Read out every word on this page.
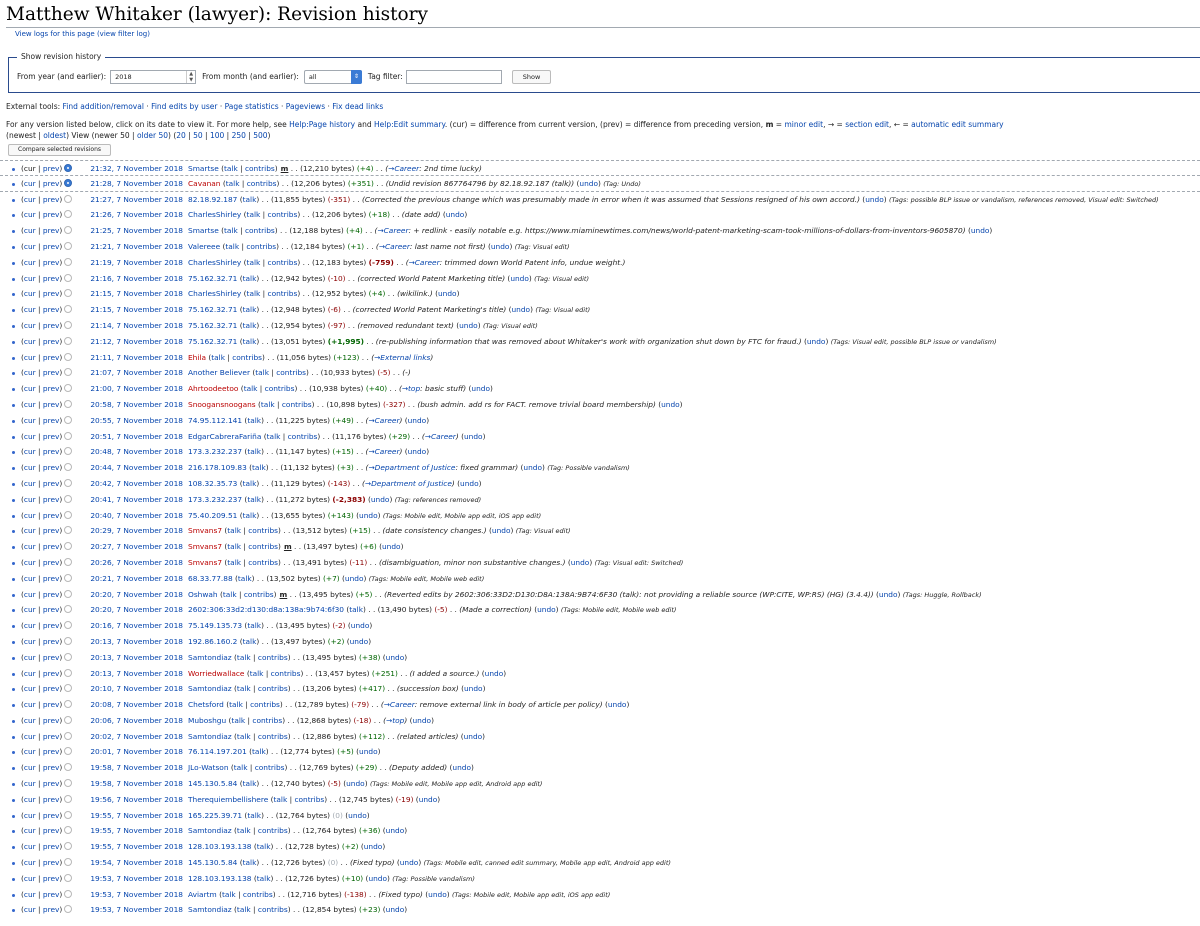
Matthew Whitaker (lawyer): Revision history
View logs for this page (view filter log)
Show revision history
From year (and earlier):	2018	▲
▼ From month (and earlier):	all	⇕	Tag filter:	Show
External tools: Find addition/removal · Find edits by user · Page statistics · Pageviews · Fix dead links
For any version listed below, click on its date to view it. For more help, see Help:Page history and Help:Edit summary. (cur) = difference from current version, (prev) = difference from preceding version, m = minor edit, → = section edit, ← = automatic edit summary
(newest | oldest) View (newer 50 | older 50) (20 | 50 | 100 | 250 | 500)
Compare selected revisions
(cur | prev)	21:32, 7 November 2018 Smartse (talk | contribs) m . . (12,210 bytes) (+4) . . (→Career: 2nd time lucky)
(cur | prev)	21:28, 7 November 2018 Cavanan (talk | contribs) . . (12,206 bytes) (+351) . . (Undid revision 867764796 by 82.18.92.187 (talk)) (undo) (Tag: Undo)
(cur | prev)	21:27, 7 November 2018 82.18.92.187 (talk) . . (11,855 bytes) (-351) . . (Corrected the previous change which was presumably made in error when it was assumed that Sessions resigned of his own accord.) (undo) (Tags: possible BLP issue or vandalism, references removed, Visual edit: Switched)
(cur | prev)	21:26, 7 November 2018 CharlesShirley (talk | contribs) . . (12,206 bytes) (+18) . . (date add) (undo)
(cur | prev)	21:25, 7 November 2018 Smartse (talk | contribs) . . (12,188 bytes) (+4) . . (→Career: + redlink - easily notable e.g. https://www.miaminewtimes.com/news/world-patent-marketing-scam-took-millions-of-dollars-from-inventors-9605870) (undo)
(cur | prev)	21:21, 7 November 2018 Valereee (talk | contribs) . . (12,184 bytes) (+1) . . (→Career: last name not first) (undo) (Tag: Visual edit)
(cur | prev)	21:19, 7 November 2018 CharlesShirley (talk | contribs) . . (12,183 bytes) (-759) . . (→Career: trimmed down World Patent info, undue weight.)
(cur | prev)	21:16, 7 November 2018 75.162.32.71 (talk) . . (12,942 bytes) (-10) . . (corrected World Patent Marketing title) (undo) (Tag: Visual edit)
(cur | prev)	21:15, 7 November 2018 CharlesShirley (talk | contribs) . . (12,952 bytes) (+4) . . (wikilink.) (undo)
(cur | prev)	21:15, 7 November 2018 75.162.32.71 (talk) . . (12,948 bytes) (-6) . . (corrected World Patent Marketing's title) (undo) (Tag: Visual edit)
(cur | prev)	21:14, 7 November 2018 75.162.32.71 (talk) . . (12,954 bytes) (-97) . . (removed redundant text) (undo) (Tag: Visual edit)
(cur | prev)	21:12, 7 November 2018 75.162.32.71 (talk) . . (13,051 bytes) (+1,995) . . (re-publishing information that was removed about Whitaker's work with organization shut down by FTC for fraud.) (undo) (Tags: Visual edit, possible BLP issue or vandalism)
(cur | prev)	21:11, 7 November 2018 Ehila (talk | contribs) . . (11,056 bytes) (+123) . . (→External links)
(cur | prev)	21:07, 7 November 2018 Another Believer (talk | contribs) . . (10,933 bytes) (-5) . . (-)
(cur | prev)	21:00, 7 November 2018 Ahrtoodeetoo (talk | contribs) . . (10,938 bytes) (+40) . . (→top: basic stuff) (undo)
(cur | prev)	20:58, 7 November 2018 Snoogansnoogans (talk | contribs) . . (10,898 bytes) (-327) . . (bush admin. add rs for FACT. remove trivial board membership) (undo)
(cur | prev)	20:55, 7 November 2018 74.95.112.141 (talk) . . (11,225 bytes) (+49) . . (→Career) (undo)
(cur | prev)	20:51, 7 November 2018 EdgarCabreraFariña (talk | contribs) . . (11,176 bytes) (+29) . . (→Career) (undo)
(cur | prev)	20:48, 7 November 2018 173.3.232.237 (talk) . . (11,147 bytes) (+15) . . (→Career) (undo)
(cur | prev)	20:44, 7 November 2018 216.178.109.83 (talk) . . (11,132 bytes) (+3) . . (→Department of Justice: fixed grammar) (undo) (Tag: Possible vandalism)
(cur | prev)	20:42, 7 November 2018 108.32.35.73 (talk) . . (11,129 bytes) (-143) . . (→Department of Justice) (undo)
(cur | prev)	20:41, 7 November 2018 173.3.232.237 (talk) . . (11,272 bytes) (-2,383) (undo) (Tag: references removed)
(cur | prev)	20:40, 7 November 2018 75.40.209.51 (talk) . . (13,655 bytes) (+143) (undo) (Tags: Mobile edit, Mobile app edit, iOS app edit)
(cur | prev)	20:29, 7 November 2018 Smvans7 (talk | contribs) . . (13,512 bytes) (+15) . . (date consistency changes.) (undo) (Tag: Visual edit)
(cur | prev)	20:27, 7 November 2018 Smvans7 (talk | contribs) m . . (13,497 bytes) (+6) (undo)
(cur | prev)	20:26, 7 November 2018 Smvans7 (talk | contribs) . . (13,491 bytes) (-11) . . (disambiguation, minor non substantive changes.) (undo) (Tag: Visual edit: Switched)
(cur | prev)	20:21, 7 November 2018 68.33.77.88 (talk) . . (13,502 bytes) (+7) (undo) (Tags: Mobile edit, Mobile web edit)
(cur | prev)	20:20, 7 November 2018 Oshwah (talk | contribs) m . . (13,495 bytes) (+5) . . (Reverted edits by 2602:306:33D2:D130:D8A:138A:9B74:6F30 (talk): not providing a reliable source (WP:CITE, WP:RS) (HG) (3.4.4)) (undo) (Tags: Huggle, Rollback)
(cur | prev)	20:20, 7 November 2018 2602:306:33d2:d130:d8a:138a:9b74:6f30 (talk) . . (13,490 bytes) (-5) . . (Made a correction) (undo) (Tags: Mobile edit, Mobile web edit)
(cur | prev)	20:16, 7 November 2018 75.149.135.73 (talk) . . (13,495 bytes) (-2) (undo)
(cur | prev)	20:13, 7 November 2018 192.86.160.2 (talk) . . (13,497 bytes) (+2) (undo)
(cur | prev)	20:13, 7 November 2018 Samtondiaz (talk | contribs) . . (13,495 bytes) (+38) (undo)
(cur | prev)	20:13, 7 November 2018 Worriedwallace (talk | contribs) . . (13,457 bytes) (+251) . . (I added a source.) (undo)
(cur | prev)	20:10, 7 November 2018 Samtondiaz (talk | contribs) . . (13,206 bytes) (+417) . . (succession box) (undo)
(cur | prev)	20:08, 7 November 2018 Chetsford (talk | contribs) . . (12,789 bytes) (-79) . . (→Career: remove external link in body of article per policy) (undo)
(cur | prev)	20:06, 7 November 2018 Muboshgu (talk | contribs) . . (12,868 bytes) (-18) . . (→top) (undo)
(cur | prev)	20:02, 7 November 2018 Samtondiaz (talk | contribs) . . (12,886 bytes) (+112) . . (related articles) (undo)
(cur | prev)	20:01, 7 November 2018 76.114.197.201 (talk) . . (12,774 bytes) (+5) (undo)
(cur | prev)	19:58, 7 November 2018 JLo-Watson (talk | contribs) . . (12,769 bytes) (+29) . . (Deputy added) (undo)
(cur | prev)	19:58, 7 November 2018 145.130.5.84 (talk) . . (12,740 bytes) (-5) (undo) (Tags: Mobile edit, Mobile app edit, Android app edit)
(cur | prev)	19:56, 7 November 2018 Therequiembellishere (talk | contribs) . . (12,745 bytes) (-19) (undo)
(cur | prev)	19:55, 7 November 2018 165.225.39.71 (talk) . . (12,764 bytes) (0) (undo)
(cur | prev)	19:55, 7 November 2018 Samtondiaz (talk | contribs) . . (12,764 bytes) (+36) (undo)
(cur | prev)	19:55, 7 November 2018 128.103.193.138 (talk) . . (12,728 bytes) (+2) (undo)
(cur | prev)	19:54, 7 November 2018 145.130.5.84 (talk) . . (12,726 bytes) (0) . . (Fixed typo) (undo) (Tags: Mobile edit, canned edit summary, Mobile app edit, Android app edit)
(cur | prev)	19:53, 7 November 2018 128.103.193.138 (talk) . . (12,726 bytes) (+10) (undo) (Tag: Possible vandalism)
(cur | prev)	19:53, 7 November 2018 Aviartm (talk | contribs) . . (12,716 bytes) (-138) . . (Fixed typo) (undo) (Tags: Mobile edit, Mobile app edit, iOS app edit)
(cur | prev)	19:53, 7 November 2018 Samtondiaz (talk | contribs) . . (12,854 bytes) (+23) (undo)
